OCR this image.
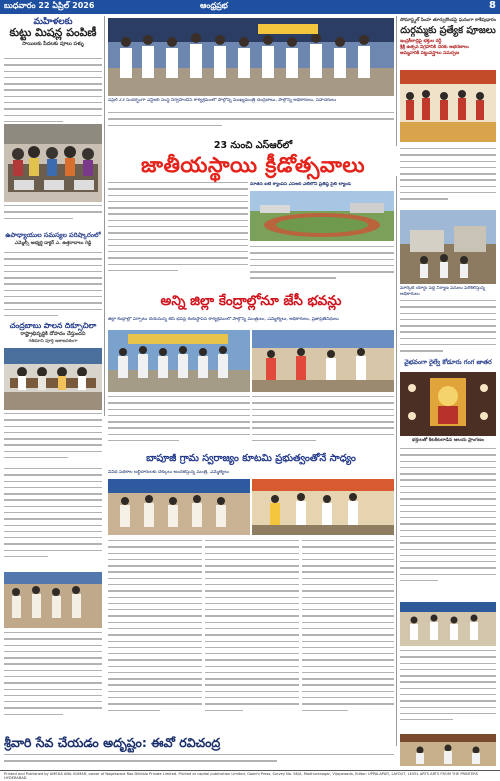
బుధవారం 22 ఏప్రిల్ 2026	ఆంధ్రప్రభ	8
మహిళలకు
కుట్టు మిషన్ల పంపిణీ
సాయిలకు పేదలకు పూలు పళ్ళు
ఉపాధ్యాయుల సమస్యల పరిష్కారంలో
ఎమ్మెల్సీ అభ్యర్థి డాక్టర్ ఎ. ఉత్తరాదాలు రెడ్డి
చంద్రబాబు పాలన దిక్సూచిలా
రాష్ట్రాభివృద్ధికి దోహదం చేస్తుందని
గతిమాని పూర్తి ఆశాజనకంగా
ఏప్రిల్ 23 సందర్భంగా ఎన్టీఆర్ సంస్థ నిర్వహించిన కార్యక్రమంలో పాల్గొన్న ముఖ్యమంత్రి చంద్రబాబు, పాల్గొన్న అధికారులు, సహచరులు
సోమాస్ట్మల్ సింహ తూర్పుకొండపై ఘనంగా కాశీపుఢారం
దుర్గమ్మకు ప్రత్యేక పూజలు
ఇంద్రకీలాద్రిపై భక్తుల రద్దీ
శ్రీశ్రీ ఉత్సవ విగ్రహానికి చెరకు ఆభరణాలు
అమ్మవారికి పట్టువస్త్రాలు సమర్పణ
23 నుంచి ఎస్ఆర్‌లో
జాతీయస్థాయి క్రీడోత్సవాలు
నూతన ఐటి క్యాంపస్ ఎస్ఆర్ ఎటిలోని ప్రతిష్ఠ సైట్ ల్యాండ్
అన్ని జిల్లా కేంద్రాల్లోనూ జేసీ భవన్లు
జిల్లా కేంద్రాల్లో ఏర్పాటు చేయనున్న జేసీ భవన్ల శంకుస్థాపన కార్యక్రమంలో పాల్గొన్న మంత్రులు, ఎమ్మెల్యేలు, అధికారులు, ప్రజాప్రతినిధులు
బాపూజీ గ్రామ స్వరాజ్యం కూటమి ప్రభుత్వంతోనే సాధ్యం
వివిధ పథకాల లబ్ధిదారులకు చెక్కులు అందజేస్తున్న మంత్రి, ఎమ్మెల్యేలు
మార్కెట్ యార్డు వద్ద నిర్మాణ పనులు పరిశీలిస్తున్న అధికారులు
వైభవంగా రైల్వే కోడూరు గంగ జాతర
భక్తులతో కిటకిటలాడిన ఆలయ ప్రాంగణం
శ్రీవారి సేవ చేయడం అదృష్టం: ఈవో రవిచంద్ర
Printed and Published by AMEDA ANIL KUMAR, owner of Nageswara Rao Dilidala Private Limited. Printed at capital publication Limited, Gadchi Press, Survey No. 56/A, Madhuranagar, Vijayawada, Editor: UPPALAPATI, LAYOUT, LEVEL ARTS ARTS FROM THE PRINTERS HYDERABAD
